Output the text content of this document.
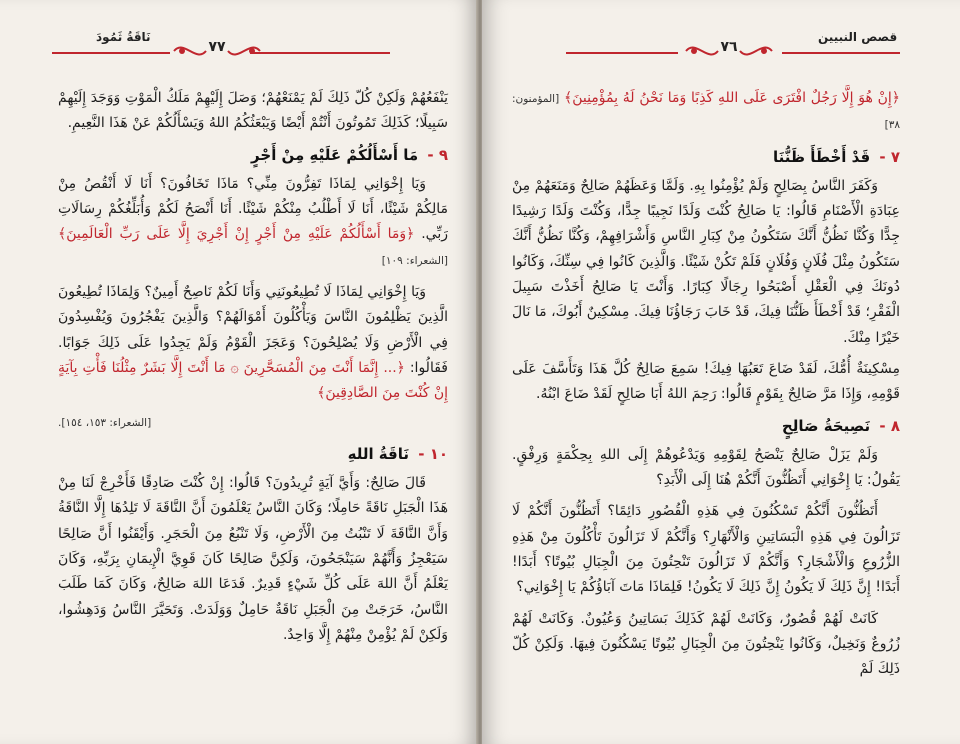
نَاقَةُ ثَمُودَ
٧٧

يَنْفَعُهُمْ وَلَكِنْ كُلّ ذَلِكَ لَمْ يَمْنَعْهُمْ؛ وَصَلَ إِلَيْهِمْ مَلَكُ الْمَوْتِ وَوَجَدَ إِلَيْهِمْ سَبِيلًا؛ كَذَلِكَ تَمُوتُونَ أَنْتُمْ أَيْضًا وَيَبْعَثُكُمُ اللهُ وَيَسْأَلُكُمْ عَنْ هَذَا النَّعِيمِ.

٩ - مَا أَسْأَلُكُمْ عَلَيْهِ مِنْ أَجْرٍ

وَيَا إِخْوَانِي لِمَاذَا تَفِرُّونَ مِنِّي؟ مَاذَا تَخَافُونَ؟ أَنَا لَا أَنْقُصُ مِنْ مَالِكُمْ شَيْئًا، أَنَا لَا أَطْلُبُ مِنْكُمْ شَيْئًا. أَنَا أَنْصَحُ لَكُمْ وَأُبَلِّغُكُمْ رِسَالَاتِ رَبِّي. ﴿وَمَا أَسْأَلُكُمْ عَلَيْهِ مِنْ أَجْرٍ إِنْ أَجْرِيَ إِلَّا عَلَى رَبِّ الْعَالَمِينَ﴾ [الشعراء: ١٠٩]

وَيَا إِخْوَانِي لِمَاذَا لَا تُطِيعُونَنِي وَأَنَا لَكُمْ نَاصِحٌ أَمِينٌ؟ وَلِمَاذَا تُطِيعُونَ الَّذِينَ يَظْلِمُونَ النَّاسَ وَيَأْكُلُونَ أَمْوَالَهُمْ؟ وَالَّذِينَ يَفْجُرُونَ وَيُفْسِدُونَ فِي الْأَرْضِ وَلَا يُصْلِحُونَ؟ وَعَجَزَ الْقَوْمُ وَلَمْ يَجِدُوا عَلَى ذَلِكَ جَوَابًا. فَقَالُوا: ﴿... إِنَّمَا أَنْتَ مِنَ الْمُسَحَّرِينَ ۞ مَا أَنْتَ إِلَّا بَشَرٌ مِثْلُنَا فَأْتِ بِآيَةٍ إِنْ كُنْتَ مِنَ الصَّادِقِينَ﴾

[الشعراء: ١٥٣، ١٥٤].
١٠ - نَاقَةُ اللهِ

قَالَ صَالِحٌ: وَأَيَّ آيَةٍ تُرِيدُونَ؟ قَالُوا: إِنْ كُنْتَ صَادِقًا فَأَخْرِجْ لَنَا مِنْ هَذَا الْجَبَلِ نَاقَةً حَامِلًا؛ وَكَانَ النَّاسُ يَعْلَمُونَ أَنَّ النَّاقَةَ لَا تَلِدُهَا إِلَّا النَّاقَةُ وَأَنَّ النَّاقَةَ لَا تَنْبُتُ مِنَ الْأَرْضِ، وَلَا تَنْبُعُ مِنَ الْحَجَرِ. وَأَيْقَنُوا أَنَّ صَالِحًا سَيَعْجِزُ وَأَنَّهُمْ سَيَنْجَحُونَ، وَلَكِنَّ صَالِحًا كَانَ قَوِيَّ الْإِيمَانِ بِرَبِّهِ، وَكَانَ يَعْلَمُ أَنَّ اللهَ عَلَى كُلِّ شَيْءٍ قَدِيرٌ. فَدَعَا اللهَ صَالِحٌ، وَكَانَ كَمَا طَلَبَ النَّاسُ، خَرَجَتْ مِنَ الْجَبَلِ نَاقَةٌ حَامِلٌ وَوَلَدَتْ. وَتَحَيَّرَ النَّاسُ وَدَهِشُوا، وَلَكِنْ لَمْ يُؤْمِنْ مِنْهُمْ إِلَّا وَاحِدٌ.

قصص النبيين
٧٦

﴿إِنْ هُوَ إِلَّا رَجُلٌ افْتَرَى عَلَى اللهِ كَذِبًا وَمَا نَحْنُ لَهُ بِمُؤْمِنِينَ﴾ [المؤمنون: ٣٨]

٧ - قَدْ أَخْطَأَ ظَنُّنَا

وَكَفَرَ النَّاسُ بِصَالِحٍ وَلَمْ يُؤْمِنُوا بِهِ. وَلَمَّا وَعَظَهُمْ صَالِحٌ وَمَنَعَهُمْ مِنْ عِبَادَةِ الْأَصْنَامِ قَالُوا: يَا صَالِحُ كُنْتَ وَلَدًا نَجِيبًا جِدًّا، وَكُنْتَ وَلَدًا رَشِيدًا جِدًّا وَكُنَّا نَظُنُّ أَنَّكَ سَتَكُونُ مِنْ كِبَارِ النَّاسِ وَأَشْرَافِهِمْ، وَكُنَّا نَظُنُّ أَنَّكَ سَتَكُونُ مِثْلَ فُلَانٍ وَفُلَانٍ فَلَمْ تَكُنْ شَيْئًا. وَالَّذِينَ كَانُوا فِي سِنِّكَ، وَكَانُوا دُونَكَ فِي الْعَقْلِ أَصْبَحُوا رِجَالًا كِبَارًا. وَأَنْتَ يَا صَالِحُ أَخَذْتَ سَبِيلَ الْفَقْرِ؛ قَدْ أَخْطَأَ ظَنُّنَا فِيكَ، قَدْ خَابَ رَجَاؤُنَا فِيكَ. مِسْكِينٌ أَبُوكَ، مَا نَالَ خَيْرًا مِنْكَ.

مِسْكِينَةٌ أُمُّكَ، لَقَدْ ضَاعَ تَعَبُهَا فِيكَ! سَمِعَ صَالِحٌ كُلَّ هَذَا وَتَأَسَّفَ عَلَى قَوْمِهِ، وَإِذَا مَرَّ صَالِحٌ بِقَوْمٍ قَالُوا: رَحِمَ اللهُ أَبَا صَالِحٍ لَقَدْ ضَاعَ ابْنُهُ.

٨ - نَصِيحَةُ صَالِحٍ

وَلَمْ يَزَلْ صَالِحٌ يَنْصَحُ لِقَوْمِهِ وَيَدْعُوهُمْ إِلَى اللهِ بِحِكْمَةٍ وَرِفْقٍ. يَقُولُ: يَا إِخْوَانِي أَتَظُنُّونَ أَنَّكُمْ هُنَا إِلَى الْأَبَدِ؟

أَتَظُنُّونَ أَنَّكُمْ تَسْكُنُونَ فِي هَذِهِ الْقُصُورِ دَائِمًا؟ أَتَظُنُّونَ أَنَّكُمْ لَا تَزَالُونَ فِي هَذِهِ الْبَسَاتِينِ وَالْأَنْهَارِ؟ وَأَنَّكُمْ لَا تَزَالُونَ تَأْكُلُونَ مِنْ هَذِهِ الزُّرُوعِ وَالْأَشْجَارِ؟ وَأَنَّكُمْ لَا تَزَالُونَ تَنْحِتُونَ مِنَ الْجِبَالِ بُيُوتًا؟ أَبَدًا! أَبَدًا! إِنَّ ذَلِكَ لَا يَكُونُ إِنَّ ذَلِكَ لَا يَكُونُ! فَلِمَاذَا مَاتَ آبَاؤُكُمْ يَا إِخْوَانِي؟

كَانَتْ لَهُمْ قُصُورٌ، وَكَانَتْ لَهُمْ كَذَلِكَ بَسَاتِينُ وَعُيُونٌ. وَكَانَتْ لَهُمْ زُرُوعٌ وَنَخِيلٌ، وَكَانُوا يَنْحِتُونَ مِنَ الْجِبَالِ بُيُوتًا يَسْكُنُونَ فِيهَا. وَلَكِنْ كُلّ ذَلِكَ لَمْ
